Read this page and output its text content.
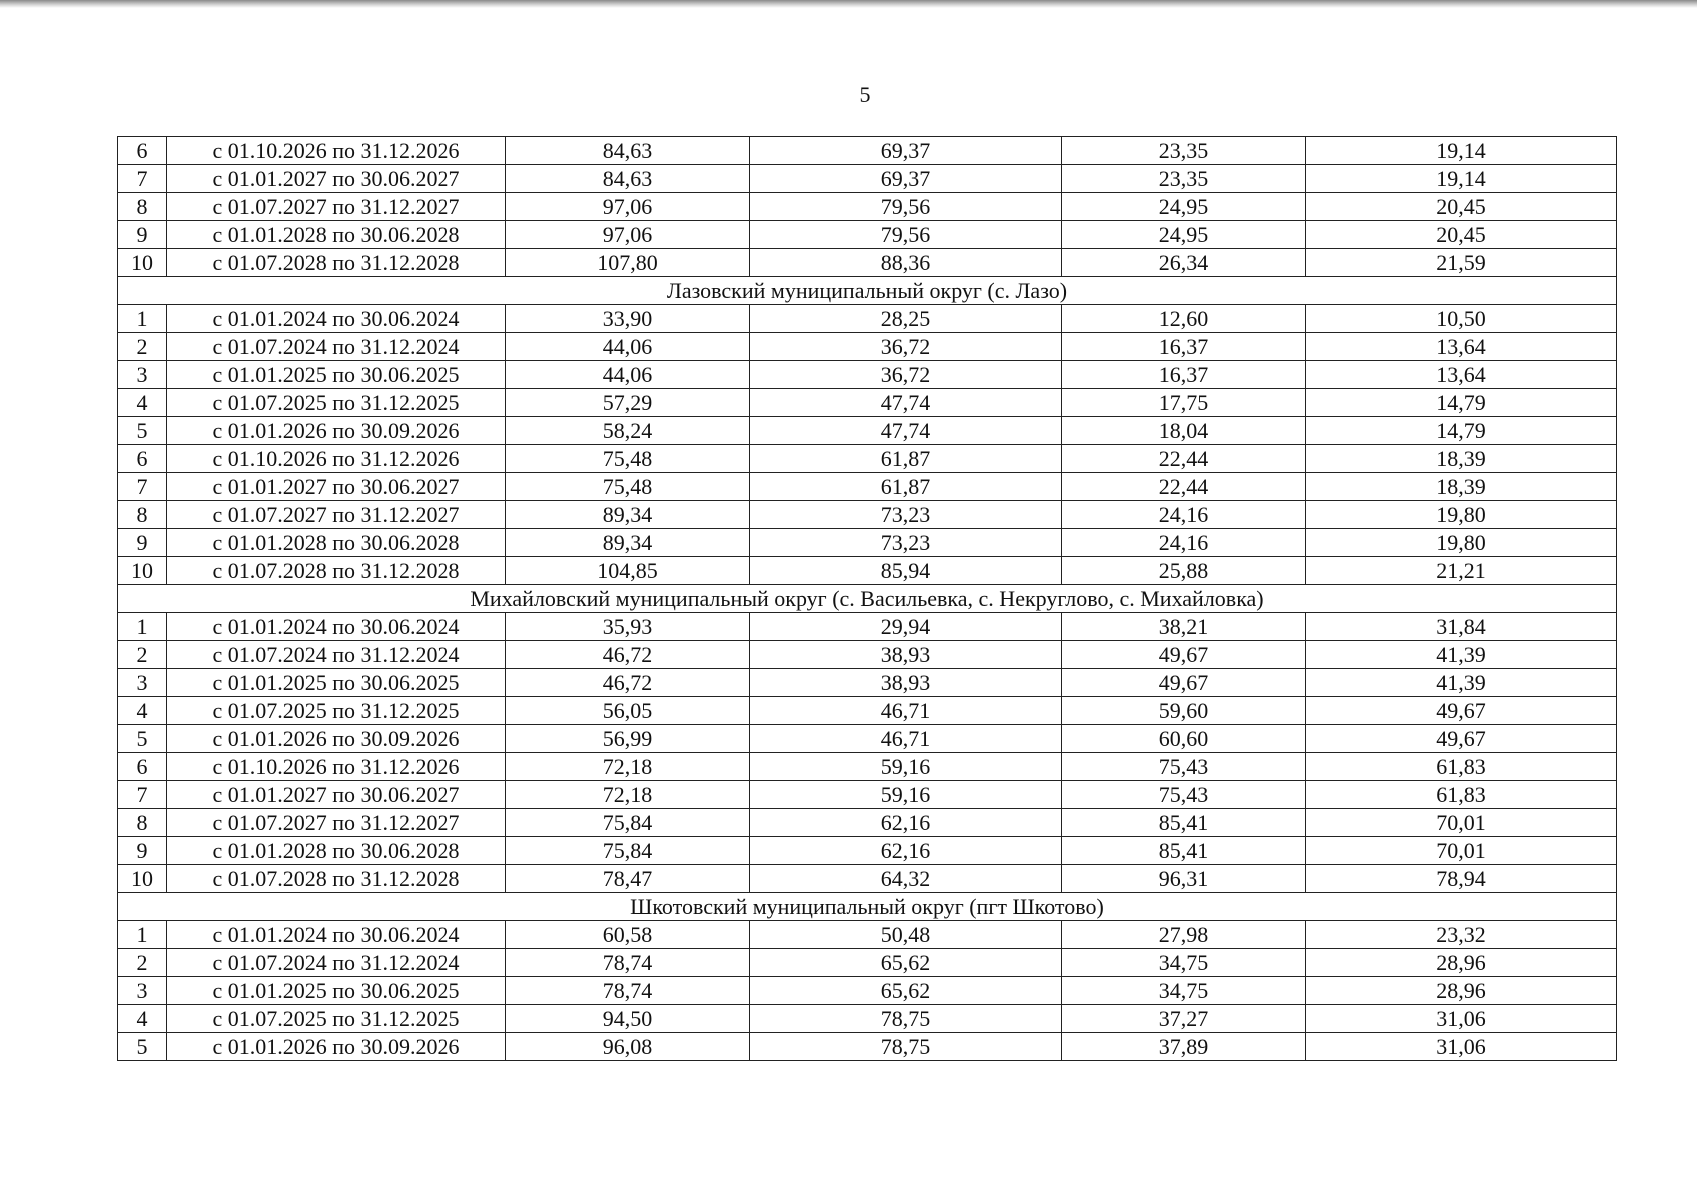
5
6	с 01.10.2026 по 31.12.2026	84,63	69,37	23,35	19,14
7	с 01.01.2027 по 30.06.2027	84,63	69,37	23,35	19,14
8	с 01.07.2027 по 31.12.2027	97,06	79,56	24,95	20,45
9	с 01.01.2028 по 30.06.2028	97,06	79,56	24,95	20,45
10	с 01.07.2028 по 31.12.2028	107,80	88,36	26,34	21,59
Лазовский муниципальный округ (с. Лазо)					
1	с 01.01.2024 по 30.06.2024	33,90	28,25	12,60	10,50
2	с 01.07.2024 по 31.12.2024	44,06	36,72	16,37	13,64
3	с 01.01.2025 по 30.06.2025	44,06	36,72	16,37	13,64
4	с 01.07.2025 по 31.12.2025	57,29	47,74	17,75	14,79
5	с 01.01.2026 по 30.09.2026	58,24	47,74	18,04	14,79
6	с 01.10.2026 по 31.12.2026	75,48	61,87	22,44	18,39
7	с 01.01.2027 по 30.06.2027	75,48	61,87	22,44	18,39
8	с 01.07.2027 по 31.12.2027	89,34	73,23	24,16	19,80
9	с 01.01.2028 по 30.06.2028	89,34	73,23	24,16	19,80
10	с 01.07.2028 по 31.12.2028	104,85	85,94	25,88	21,21
Михайловский муниципальный округ (с. Васильевка, с. Некруглово, с. Михайловка)					
1	с 01.01.2024 по 30.06.2024	35,93	29,94	38,21	31,84
2	с 01.07.2024 по 31.12.2024	46,72	38,93	49,67	41,39
3	с 01.01.2025 по 30.06.2025	46,72	38,93	49,67	41,39
4	с 01.07.2025 по 31.12.2025	56,05	46,71	59,60	49,67
5	с 01.01.2026 по 30.09.2026	56,99	46,71	60,60	49,67
6	с 01.10.2026 по 31.12.2026	72,18	59,16	75,43	61,83
7	с 01.01.2027 по 30.06.2027	72,18	59,16	75,43	61,83
8	с 01.07.2027 по 31.12.2027	75,84	62,16	85,41	70,01
9	с 01.01.2028 по 30.06.2028	75,84	62,16	85,41	70,01
10	с 01.07.2028 по 31.12.2028	78,47	64,32	96,31	78,94
Шкотовский муниципальный округ (пгт Шкотово)					
1	с 01.01.2024 по 30.06.2024	60,58	50,48	27,98	23,32
2	с 01.07.2024 по 31.12.2024	78,74	65,62	34,75	28,96
3	с 01.01.2025 по 30.06.2025	78,74	65,62	34,75	28,96
4	с 01.07.2025 по 31.12.2025	94,50	78,75	37,27	31,06
5	с 01.01.2026 по 30.09.2026	96,08	78,75	37,89	31,06
